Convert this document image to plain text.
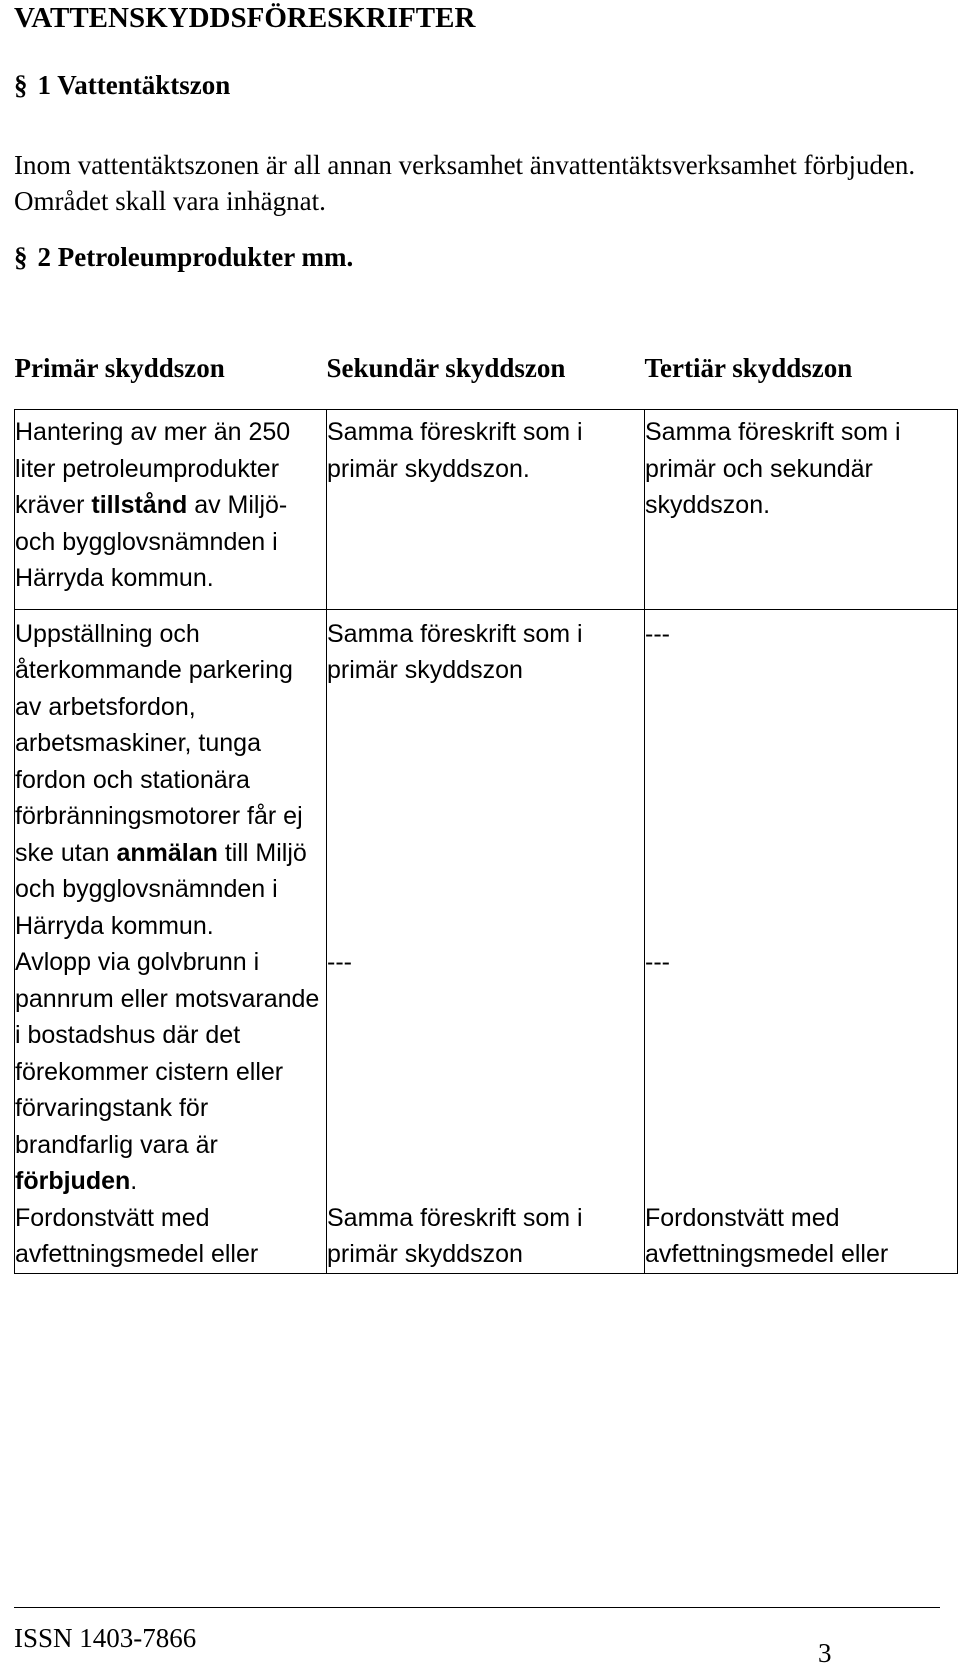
VATTENSKYDDSFÖRESKRIFTER
§ 1 Vattentäktszon
Inom vattentäktszonen är all annan verksamhet änvattentäktsverksamhet förbjuden. Området skall vara inhägnat.
§ 2 Petroleumprodukter mm.
Primär skyddszon	Sekundär skyddszon	Tertiär skyddszon

Hantering av mer än 250 liter petroleumprodukter kräver tillstånd av Miljö- och bygglovsnämnden i Härryda kommun.	Samma föreskrift som i primär skyddszon.	Samma föreskrift som i primär och sekundär skyddszon.

Uppställning och återkommande parkering av arbetsfordon, arbetsmaskiner, tunga fordon och stationära förbränningsmotorer får ej ske utan anmälan till Miljö och bygglovsnämnden i Härryda kommun.	Samma föreskrift som i primär skyddszon	---

Avlopp via golvbrunn i pannrum eller motsvarande i bostadshus där det förekommer cistern eller förvaringstank för brandfarlig vara är förbjuden.	---	---

Fordonstvätt med avfettningsmedel eller	Samma föreskrift som i primär skyddszon	Fordonstvätt med avfettningsmedel eller
ISSN 1403-7866	3
